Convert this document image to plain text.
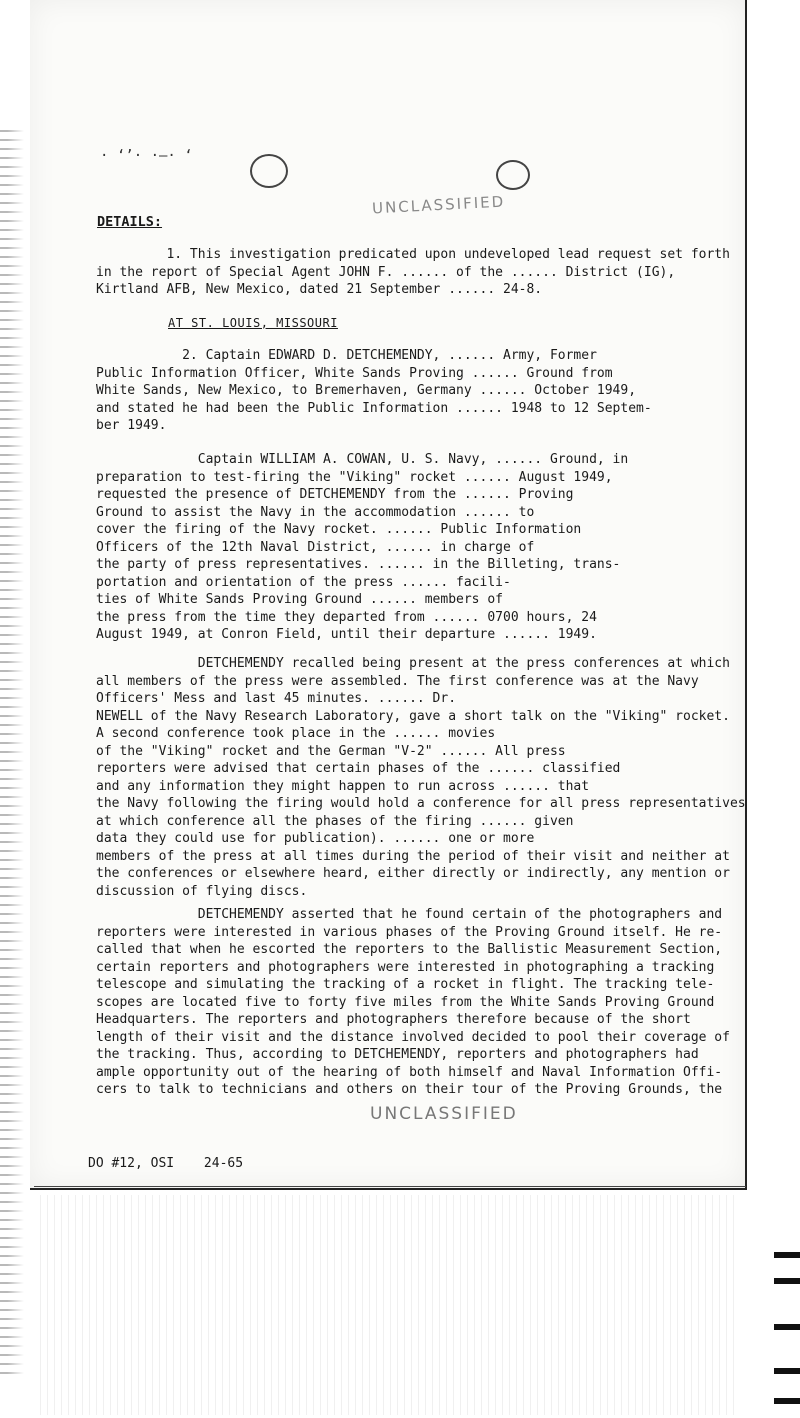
· ‘’· ·—· ‘
UNCLASSIFIED
DETAILS:
1. This investigation predicated upon undeveloped lead request set forth
in the report of Special Agent JOHN F. ...... of the ...... District (IG),
Kirtland AFB, New Mexico, dated 21 September ...... 24-8.
AT ST. LOUIS, MISSOURI
2. Captain EDWARD D. DETCHEMENDY, ...... Army, Former
Public Information Officer, White Sands Proving ...... Ground from
White Sands, New Mexico, to Bremerhaven, Germany ...... October 1949,
and stated he had been the Public Information ...... 1948 to 12 Septem-
ber 1949.
Captain WILLIAM A. COWAN, U. S. Navy, ...... Ground, in
preparation to test-firing the "Viking" rocket ...... August 1949,
requested the presence of DETCHEMENDY from the ...... Proving
Ground to assist the Navy in the accommodation ...... to
cover the firing of the Navy rocket. ...... Public Information
Officers of the 12th Naval District, ...... in charge of
the party of press representatives. ...... in the Billeting, trans-
portation and orientation of the press ...... facili-
ties of White Sands Proving Ground ...... members of
the press from the time they departed from ...... 0700 hours, 24
August 1949, at Conron Field, until their departure ...... 1949.
DETCHEMENDY recalled being present at the press conferences at which
all members of the press were assembled. The first conference was at the Navy
Officers' Mess and last 45 minutes. ...... Dr.
NEWELL of the Navy Research Laboratory, gave a short talk on the "Viking" rocket.
A second conference took place in the ...... movies
of the "Viking" rocket and the German "V-2" ...... All press
reporters were advised that certain phases of the ...... classified
and any information they might happen to run across ...... that
the Navy following the firing would hold a conference for all press representatives
at which conference all the phases of the firing ...... given
data they could use for publication). ...... one or more
members of the press at all times during the period of their visit and neither at
the conferences or elsewhere heard, either directly or indirectly, any mention or
discussion of flying discs.
DETCHEMENDY asserted that he found certain of the photographers and
reporters were interested in various phases of the Proving Ground itself. He re-
called that when he escorted the reporters to the Ballistic Measurement Section,
certain reporters and photographers were interested in photographing a tracking
telescope and simulating the tracking of a rocket in flight. The tracking tele-
scopes are located five to forty five miles from the White Sands Proving Ground
Headquarters. The reporters and photographers therefore because of the short
length of their visit and the distance involved decided to pool their coverage of
the tracking. Thus, according to DETCHEMENDY, reporters and photographers had
ample opportunity out of the hearing of both himself and Naval Information Offi-
cers to talk to technicians and others on their tour of the Proving Grounds, the
UNCLASSIFIED
DO #12, OSI 24-65
